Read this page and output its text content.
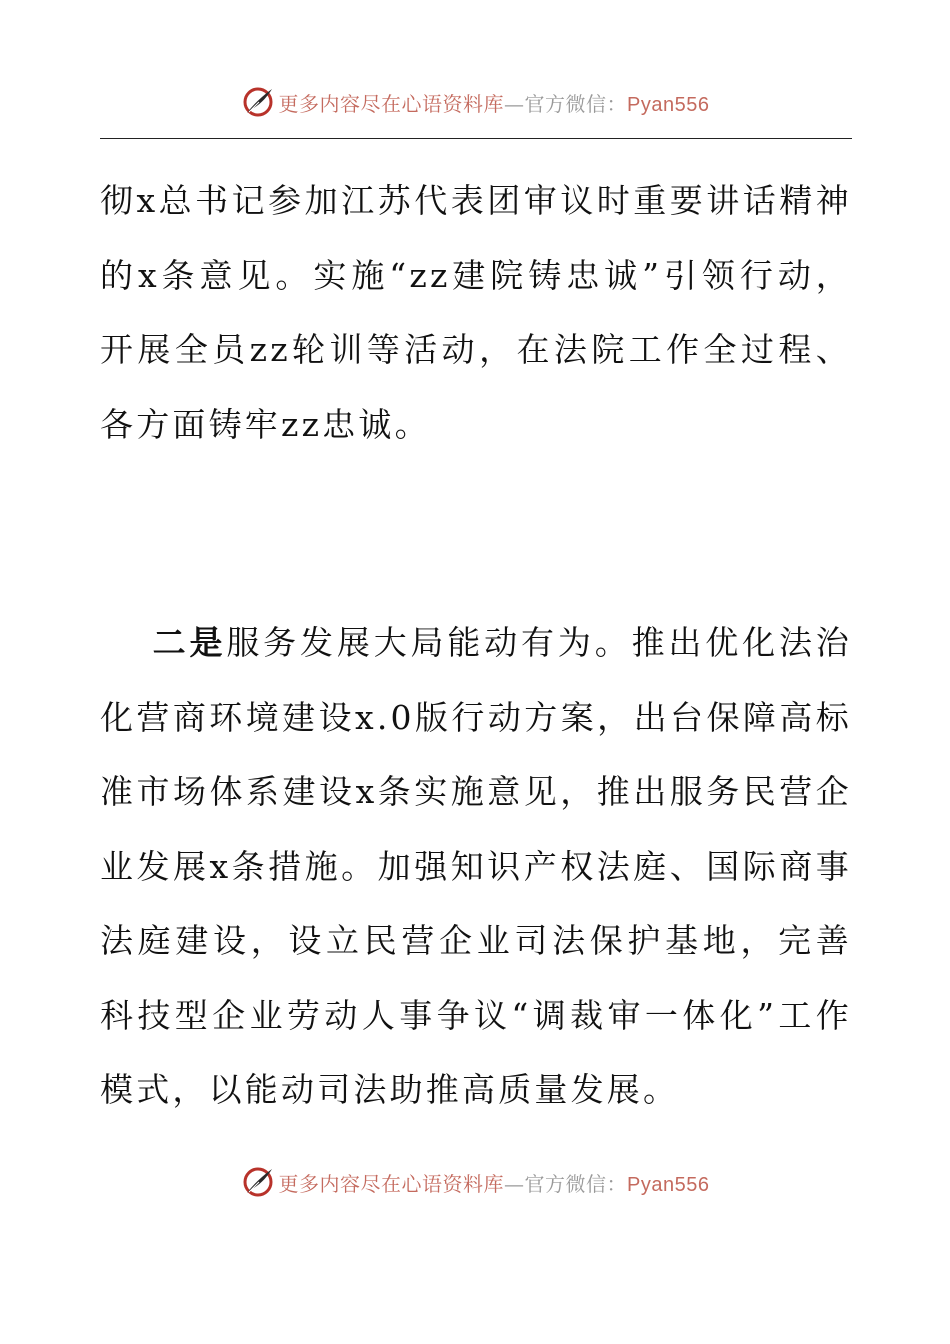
更多内容尽在心语资料库—官方微信：Pyan556

彻x总书记参加江苏代表团审议时重要讲话精神的x条意见。实施“zz建院铸忠诚”引领行动，开展全员zz轮训等活动，在法院工作全过程、各方面铸牢zz忠诚。

二是服务发展大局能动有为。推出优化法治化营商环境建设x.0版行动方案，出台保障高标准市场体系建设x条实施意见，推出服务民营企业发展x条措施。加强知识产权法庭、国际商事法庭建设，设立民营企业司法保护基地，完善科技型企业劳动人事争议“调裁审一体化”工作模式，以能动司法助推高质量发展。

更多内容尽在心语资料库—官方微信：Pyan556
